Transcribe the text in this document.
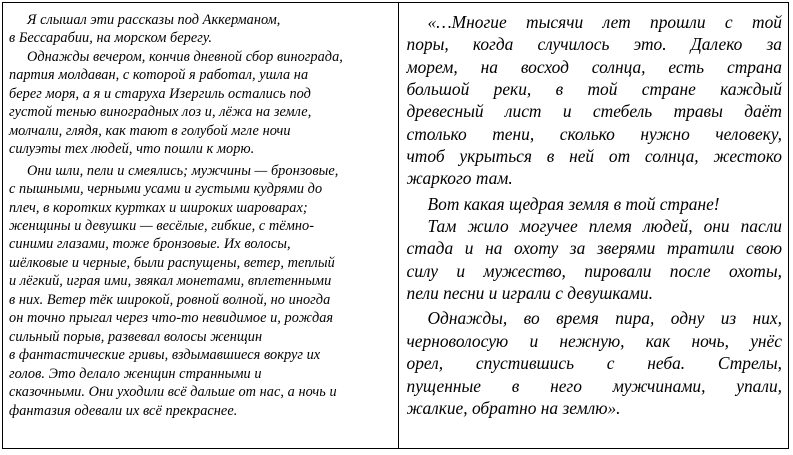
Я слышал эти рассказы под Аккерманом,
в Бессарабии, на морском берегу.
Однажды вечером, кончив дневной сбор винограда,
партия молдаван, с которой я работал, ушла на
берег моря, а я и старуха Изергиль остались под
густой тенью виноградных лоз и, лёжа на земле,
молчали, глядя, как тают в голубой мгле ночи
силуэты тех людей, что пошли к морю.
Они шли, пели и смеялись; мужчины — бронзовые,
с пышными, черными усами и густыми кудрями до
плеч, в коротких куртках и широких шароварах;
женщины и девушки — весёлые, гибкие, с тёмно-
синими глазами, тоже бронзовые. Их волосы,
шёлковые и черные, были распущены, ветер, теплый
и лёгкий, играя ими, звякал монетами, вплетенными
в них. Ветер тёк широкой, ровной волной, но иногда
он точно прыгал через что-то невидимое и, рождая
сильный порыв, развевал волосы женщин
в фантастические гривы, вздымавшиеся вокруг их
голов. Это делало женщин странными и
сказочными. Они уходили всё дальше от нас, а ночь и
фантазия одевали их всё прекраснее.
«…Многие тысячи лет прошли с той
поры, когда случилось это. Далеко за
морем, на восход солнца, есть страна
большой реки, в той стране каждый
древесный лист и стебель травы даёт
столько тени, сколько нужно человеку,
чтоб укрыться в ней от солнца, жестоко
жаркого там.
Вот какая щедрая земля в той стране!
Там жило могучее племя людей, они пасли
стада и на охоту за зверями тратили свою
силу и мужество, пировали после охоты,
пели песни и играли с девушками.
Однажды, во время пира, одну из них,
черноволосую и нежную, как ночь, унёс
орел, спустившись с неба. Стрелы,
пущенные в него мужчинами, упали,
жалкие, обратно на землю».
